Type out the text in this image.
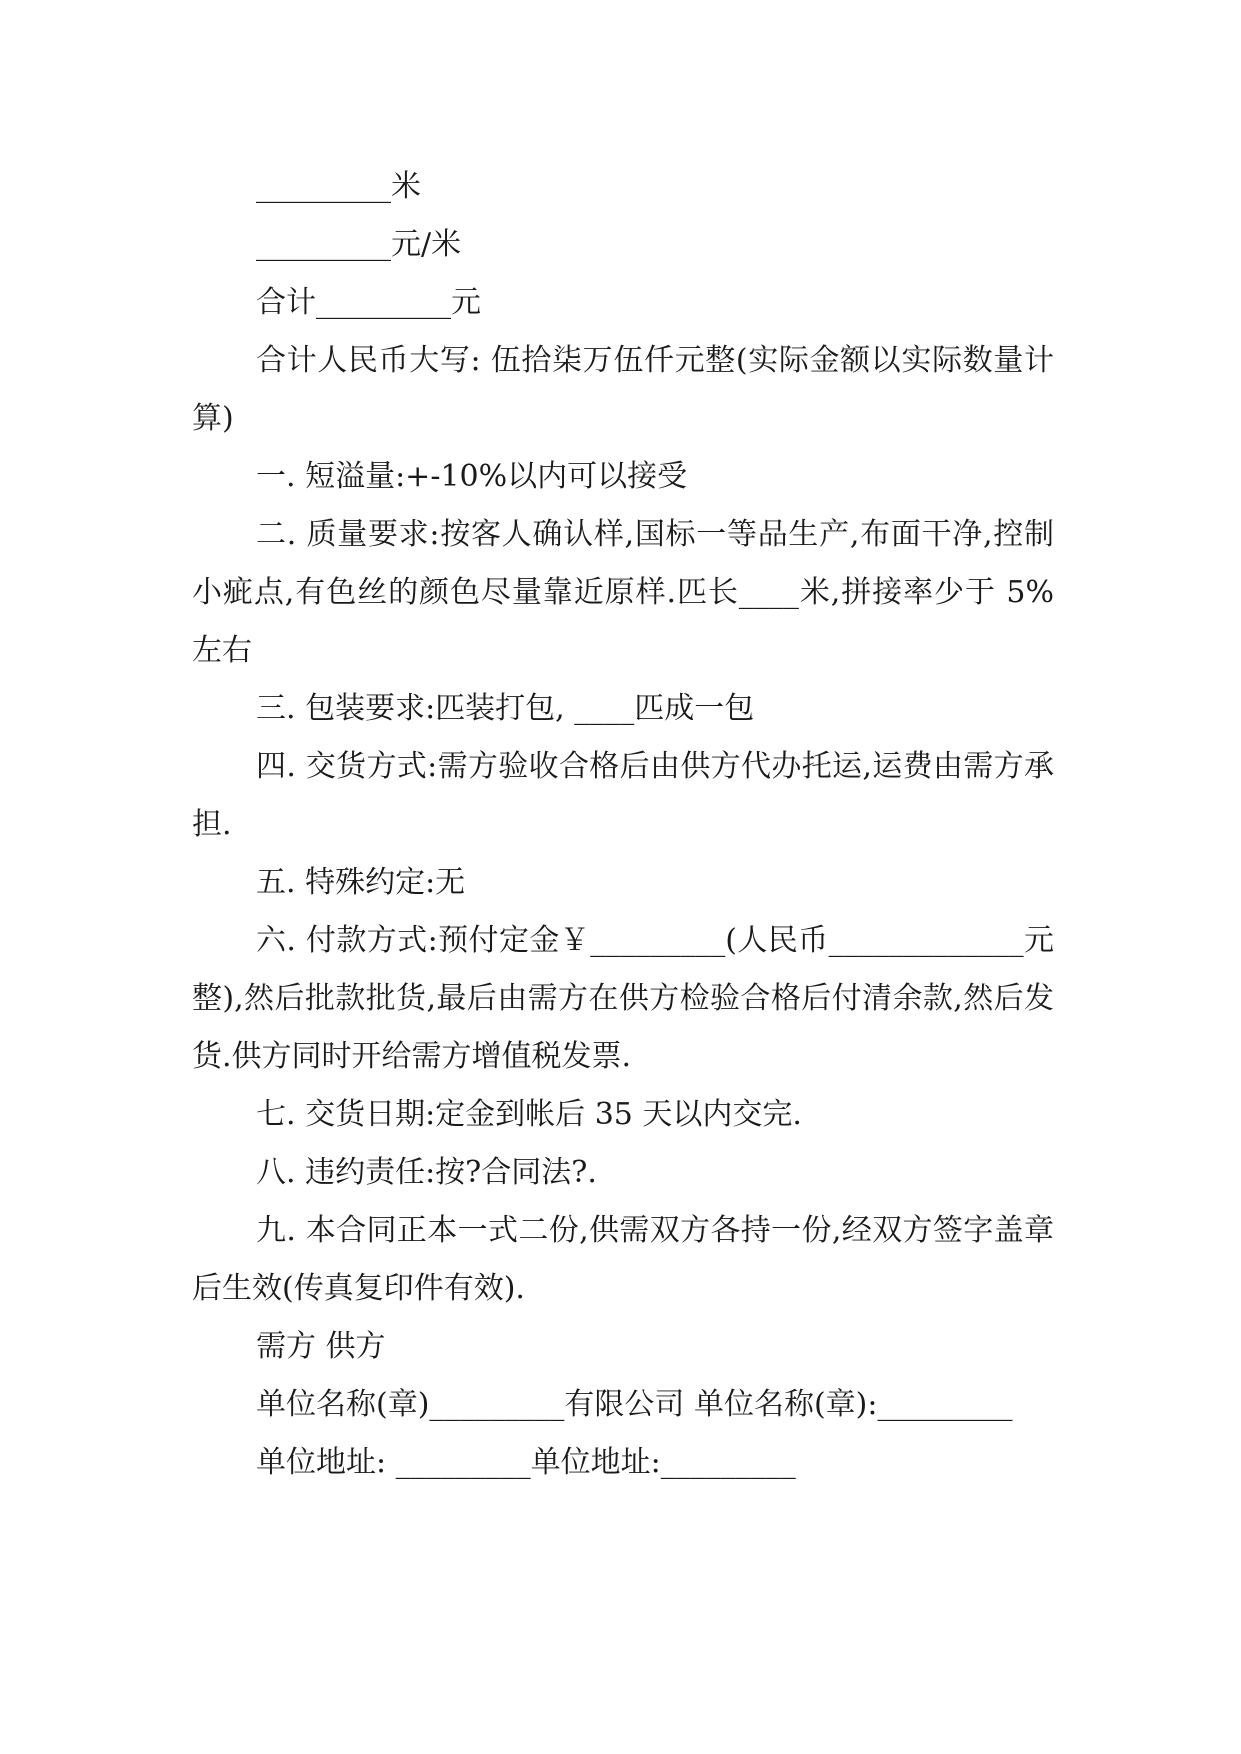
_________米

_________元/米

合计_________元

合计人民币大写: 伍拾柒万伍仟元整(实际金额以实际数量计算)

一. 短溢量:+-10%以内可以接受

二. 质量要求:按客人确认样,国标一等品生产,布面干净,控制小疵点,有色丝的颜色尽量靠近原样.匹长____米,拼接率少于 5%左右

三. 包装要求:匹装打包, ____匹成一包

四. 交货方式:需方验收合格后由供方代办托运,运费由需方承担.

五. 特殊约定:无

六. 付款方式:预付定金￥_________(人民币_____________元整),然后批款批货,最后由需方在供方检验合格后付清余款,然后发货.供方同时开给需方增值税发票.

七. 交货日期:定金到帐后 35 天以内交完.

八. 违约责任:按?合同法?.

九. 本合同正本一式二份,供需双方各持一份,经双方签字盖章后生效(传真复印件有效).

需方 供方

单位名称(章)_________有限公司 单位名称(章):_________

单位地址: _________单位地址:_________
